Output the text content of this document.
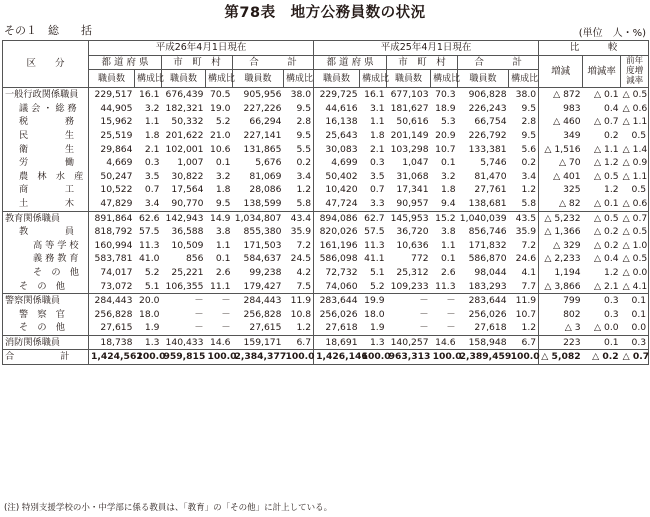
第78表　地方公務員数の状況
その１　総　　括	(単位　人・%)
区　　分	平成26年4月1日現在						平成25年4月1日現在						比　　　較		
	都 道 府 県		市　町　村		合　　　計		都 道 府 県		市　町　村		合　　　計		増減	増減率	前年度増減率
	職員数	構成比	職員数	構成比	職員数	構成比	職員数	構成比	職員数	構成比	職員数	構成比			
一般行政関係職員	229,517	16.1	676,439	70.5	905,956	38.0	229,725	16.1	677,103	70.3	906,828	38.0	△ 872	△ 0.1	△ 0.5
議 会 ・ 総 務	44,905	3.2	182,321	19.0	227,226	9.5	44,616	3.1	181,627	18.9	226,243	9.5	983	0.4	△ 0.6
税　　　　務	15,962	1.1	50,332	5.2	66,294	2.8	16,138	1.1	50,616	5.3	66,754	2.8	△ 460	△ 0.7	△ 1.1
民　　　　生	25,519	1.8	201,622	21.0	227,141	9.5	25,643	1.8	201,149	20.9	226,792	9.5	349	0.2	0.5
衛　　　　生	29,864	2.1	102,001	10.6	131,865	5.5	30,083	2.1	103,298	10.7	133,381	5.6	△ 1,516	△ 1.1	△ 1.4
労　　　　働	4,669	0.3	1,007	0.1	5,676	0.2	4,699	0.3	1,047	0.1	5,746	0.2	△ 70	△ 1.2	△ 0.9
農　林　水　産	50,247	3.5	30,822	3.2	81,069	3.4	50,402	3.5	31,068	3.2	81,470	3.4	△ 401	△ 0.5	△ 1.1
商　　　　工	10,522	0.7	17,564	1.8	28,086	1.2	10,420	0.7	17,341	1.8	27,761	1.2	325	1.2	0.5
土　　　　木	47,829	3.4	90,770	9.5	138,599	5.8	47,724	3.3	90,957	9.4	138,681	5.8	△ 82	△ 0.1	△ 0.6
教育関係職員	891,864	62.6	142,943	14.9	1,034,807	43.4	894,086	62.7	145,953	15.2	1,040,039	43.5	△ 5,232	△ 0.5	△ 0.7
教　　　　員	818,792	57.5	36,588	3.8	855,380	35.9	820,026	57.5	36,720	3.8	856,746	35.9	△ 1,366	△ 0.2	△ 0.5
高 等 学 校	160,994	11.3	10,509	1.1	171,503	7.2	161,196	11.3	10,636	1.1	171,832	7.2	△ 329	△ 0.2	△ 1.0
義 務 教 育	583,781	41.0	856	0.1	584,637	24.5	586,098	41.1	772	0.1	586,870	24.6	△ 2,233	△ 0.4	△ 0.5
そ　の　他	74,017	5.2	25,221	2.6	99,238	4.2	72,732	5.1	25,312	2.6	98,044	4.1	1,194	1.2	△ 0.0
そ　の　他	73,072	5.1	106,355	11.1	179,427	7.5	74,060	5.2	109,233	11.3	183,293	7.7	△ 3,866	△ 2.1	△ 4.1
警察関係職員	284,443	20.0	－	－	284,443	11.9	283,644	19.9	－	－	283,644	11.9	799	0.3	0.1
警　察　官	256,828	18.0	－	－	256,828	10.8	256,026	18.0	－	－	256,026	10.7	802	0.3	0.1
そ　の　他	27,615	1.9	－	－	27,615	1.2	27,618	1.9	－	－	27,618	1.2	△ 3	△ 0.0	0.0
消防関係職員	18,738	1.3	140,433	14.6	159,171	6.7	18,691	1.3	140,257	14.6	158,948	6.7	223	0.1	0.3
合　　　　　計	1,424,562	100.0	959,815	100.0	2,384,377	100.0	1,426,146	100.0	963,313	100.0	2,389,459	100.0	△ 5,082	△ 0.2	△ 0.7
(注) 特別支援学校の小・中学部に係る教員は、「教育」の「その他」に計上している。
